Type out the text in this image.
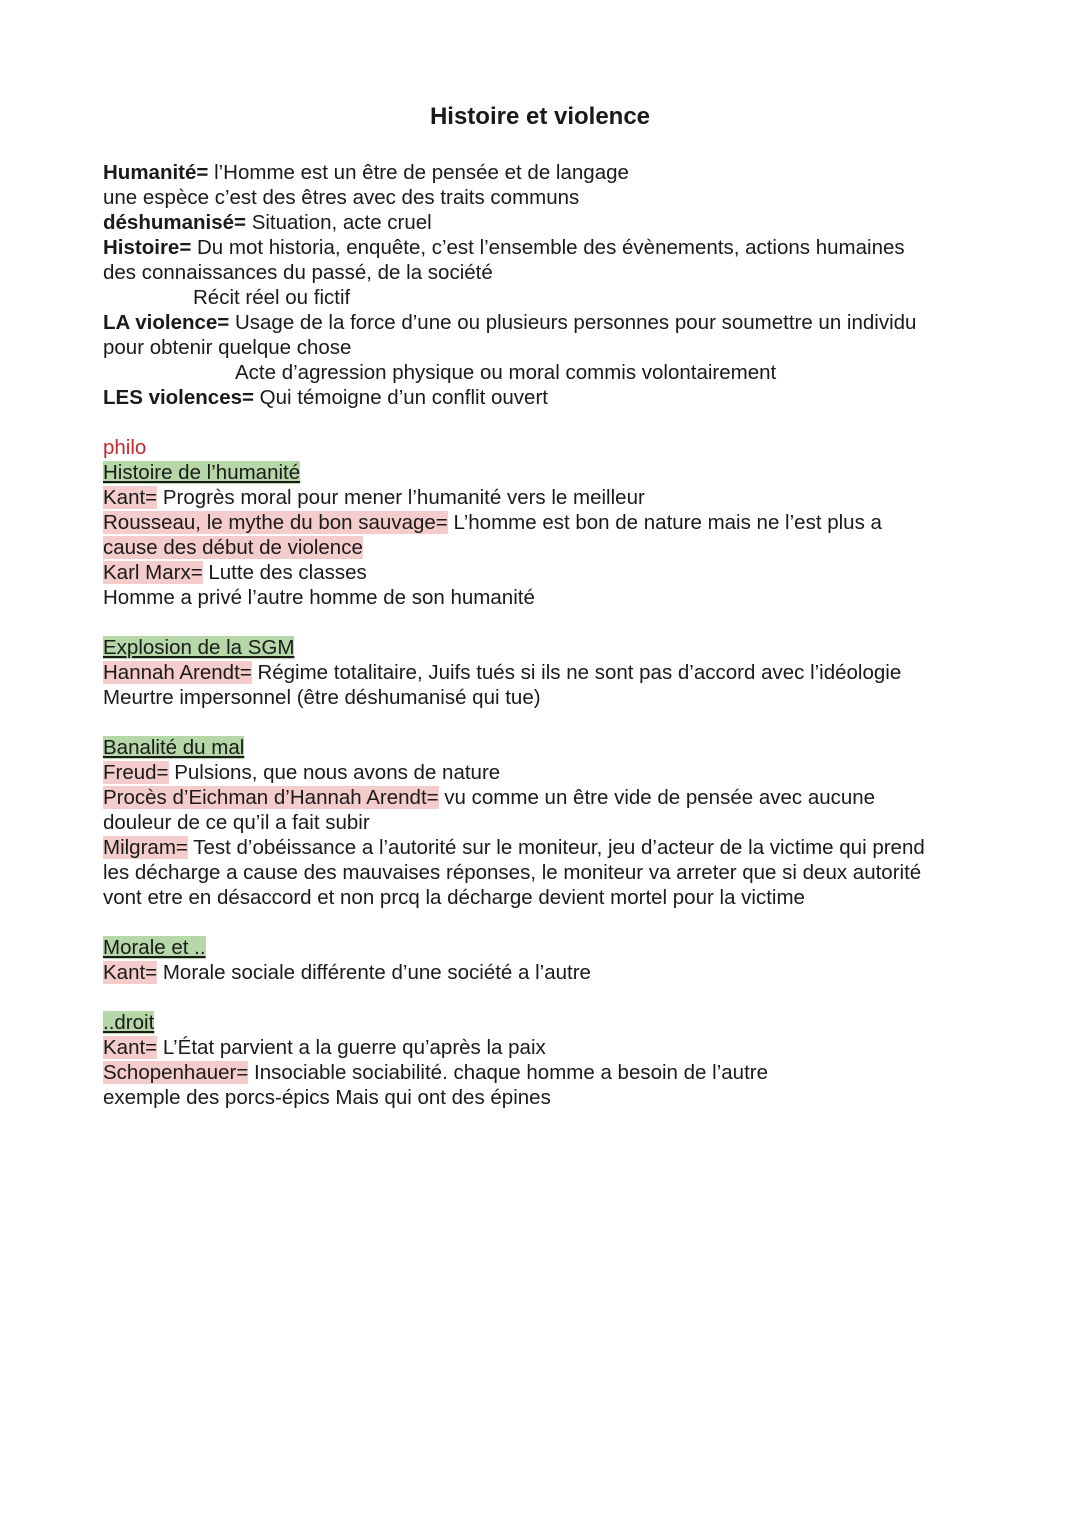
Histoire et violence
Humanité= l’Homme est un être de pensée et de langage
une espèce c’est des êtres avec des traits communs
déshumanisé= Situation, acte cruel
Histoire= Du mot historia, enquête, c’est l’ensemble des évènements, actions humaines
des connaissances du passé, de la société
Récit réel ou fictif
LA violence= Usage de la force d’une ou plusieurs personnes pour soumettre un individu
pour obtenir quelque chose
Acte d’agression physique ou moral commis volontairement
LES violences= Qui témoigne d’un conflit ouvert
philo
Histoire de l’humanité
Kant= Progrès moral pour mener l’humanité vers le meilleur
Rousseau, le mythe du bon sauvage= L’homme est bon de nature mais ne l’est plus a
cause des début de violence
Karl Marx= Lutte des classes
Homme a privé l’autre homme de son humanité
Explosion de la SGM
Hannah Arendt= Régime totalitaire, Juifs tués si ils ne sont pas d’accord avec l’idéologie
Meurtre impersonnel (être déshumanisé qui tue)
Banalité du mal
Freud= Pulsions, que nous avons de nature
Procès d’Eichman d’Hannah Arendt= vu comme un être vide de pensée avec aucune
douleur de ce qu’il a fait subir
Milgram= Test d’obéissance a l’autorité sur le moniteur, jeu d’acteur de la victime qui prend
les décharge a cause des mauvaises réponses, le moniteur va arreter que si deux autorité
vont etre en désaccord et non prcq la décharge devient mortel pour la victime
Morale et ..
Kant= Morale sociale différente d’une société a l’autre
..droit
Kant= L’État parvient a la guerre qu’après la paix
Schopenhauer= Insociable sociabilité. chaque homme a besoin de l’autre
exemple des porcs-épics Mais qui ont des épines
